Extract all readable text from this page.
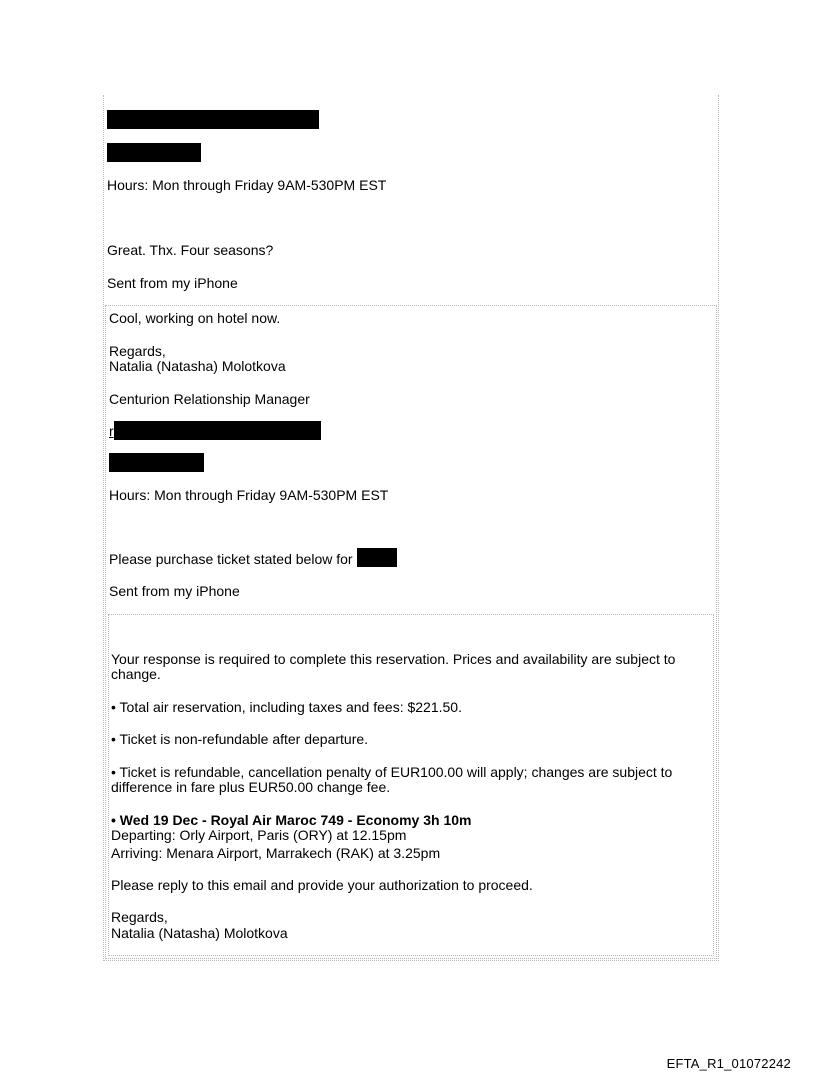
Hours: Mon through Friday 9AM-530PM EST
Great. Thx. Four seasons?
Sent from my iPhone
Cool, working on hotel now.
Regards,
Natalia (Natasha) Molotkova
Centurion Relationship Manager
r
Hours: Mon through Friday 9AM-530PM EST
Please purchase ticket stated below for
Sent from my iPhone
Your response is required to complete this reservation. Prices and availability are subject to
change.
• Total air reservation, including taxes and fees: $221.50.
• Ticket is non-refundable after departure.
• Ticket is refundable, cancellation penalty of EUR100.00 will apply; changes are subject to
difference in fare plus EUR50.00 change fee.
• Wed 19 Dec - Royal Air Maroc 749 - Economy 3h 10m
Departing: Orly Airport, Paris (ORY) at 12.15pm
Arriving: Menara Airport, Marrakech (RAK) at 3.25pm
Please reply to this email and provide your authorization to proceed.
Regards,
Natalia (Natasha) Molotkova
EFTA_R1_01072242
